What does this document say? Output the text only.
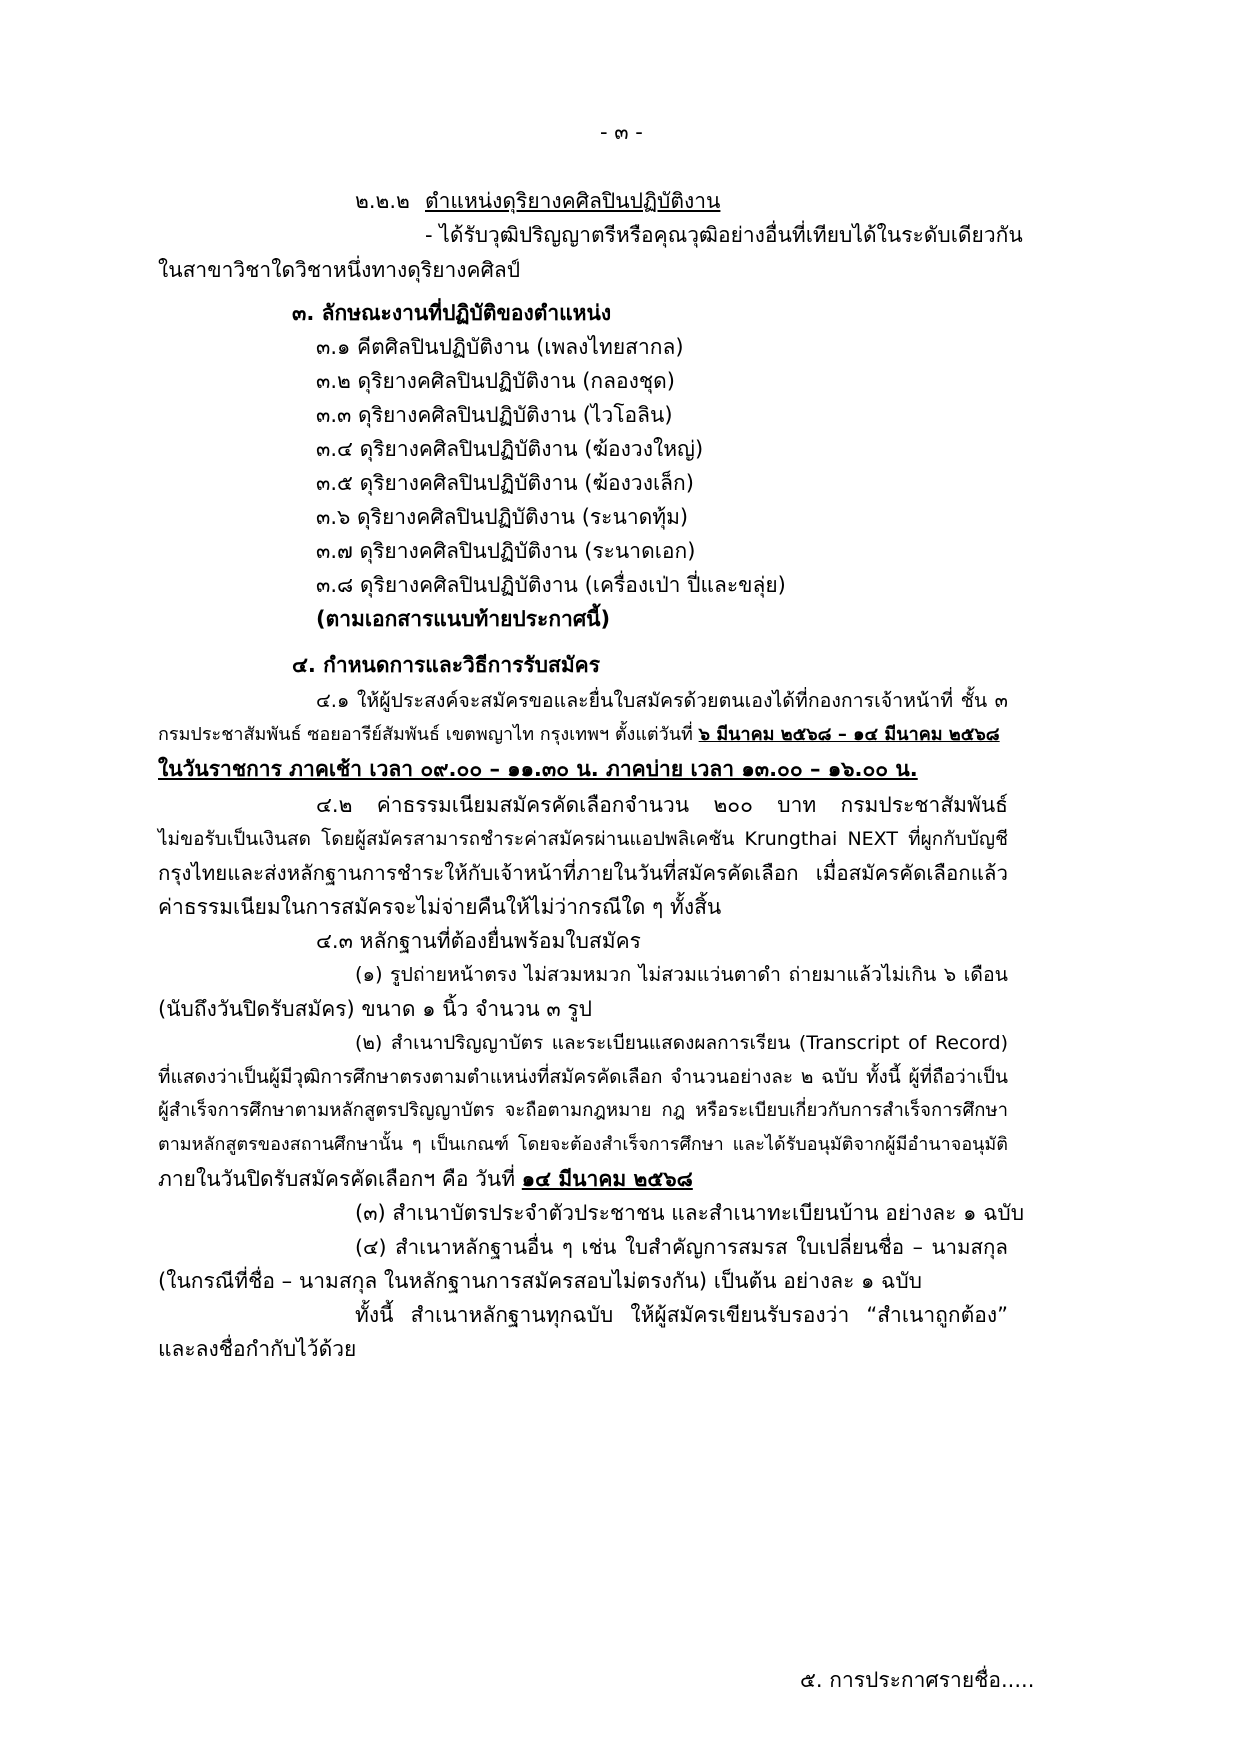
- ๓ -
๒.๒.๒ ตำแหน่งดุริยางคศิลปินปฏิบัติงาน
- ได้รับวุฒิปริญญาตรีหรือคุณวุฒิอย่างอื่นที่เทียบได้ในระดับเดียวกัน
ในสาขาวิชาใดวิชาหนึ่งทางดุริยางคศิลป์
๓. ลักษณะงานที่ปฏิบัติของตำแหน่ง
๓.๑ คีตศิลปินปฏิบัติงาน (เพลงไทยสากล)
๓.๒ ดุริยางคศิลปินปฏิบัติงาน (กลองชุด)
๓.๓ ดุริยางคศิลปินปฏิบัติงาน (ไวโอลิน)
๓.๔ ดุริยางคศิลปินปฏิบัติงาน (ฆ้องวงใหญ่)
๓.๕ ดุริยางคศิลปินปฏิบัติงาน (ฆ้องวงเล็ก)
๓.๖ ดุริยางคศิลปินปฏิบัติงาน (ระนาดทุ้ม)
๓.๗ ดุริยางคศิลปินปฏิบัติงาน (ระนาดเอก)
๓.๘ ดุริยางคศิลปินปฏิบัติงาน (เครื่องเป่า ปี่และขลุ่ย)
(ตามเอกสารแนบท้ายประกาศนี้)
๔. กำหนดการและวิธีการรับสมัคร
๔.๑ ให้ผู้ประสงค์จะสมัครขอและยื่นใบสมัครด้วยตนเองได้ที่กองการเจ้าหน้าที่ ชั้น ๓
กรมประชาสัมพันธ์ ซอยอารีย์สัมพันธ์ เขตพญาไท กรุงเทพฯ ตั้งแต่วันที่ ๖ มีนาคม ๒๕๖๘ – ๑๔ มีนาคม ๒๕๖๘
ในวันราชการ ภาคเช้า เวลา ๐๙.๐๐ – ๑๑.๓๐ น. ภาคบ่าย เวลา ๑๓.๐๐ – ๑๖.๐๐ น.
๔.๒ ค่าธรรมเนียมสมัครคัดเลือกจำนวน ๒๐๐ บาท กรมประชาสัมพันธ์
ไม่ขอรับเป็นเงินสด โดยผู้สมัครสามารถชำระค่าสมัครผ่านแอปพลิเคชัน Krungthai NEXT ที่ผูกกับบัญชี
กรุงไทยและส่งหลักฐานการชำระให้กับเจ้าหน้าที่ภายในวันที่สมัครคัดเลือก เมื่อสมัครคัดเลือกแล้ว
ค่าธรรมเนียมในการสมัครจะไม่จ่ายคืนให้ไม่ว่ากรณีใด ๆ ทั้งสิ้น
๔.๓ หลักฐานที่ต้องยื่นพร้อมใบสมัคร
(๑) รูปถ่ายหน้าตรง ไม่สวมหมวก ไม่สวมแว่นตาดำ ถ่ายมาแล้วไม่เกิน ๖ เดือน
(นับถึงวันปิดรับสมัคร) ขนาด ๑ นิ้ว จำนวน ๓ รูป
(๒) สำเนาปริญญาบัตร และระเบียนแสดงผลการเรียน (Transcript of Record)
ที่แสดงว่าเป็นผู้มีวุฒิการศึกษาตรงตามตำแหน่งที่สมัครคัดเลือก จำนวนอย่างละ ๒ ฉบับ ทั้งนี้ ผู้ที่ถือว่าเป็น
ผู้สำเร็จการศึกษาตามหลักสูตรปริญญาบัตร จะถือตามกฎหมาย กฎ หรือระเบียบเกี่ยวกับการสำเร็จการศึกษา
ตามหลักสูตรของสถานศึกษานั้น ๆ เป็นเกณฑ์ โดยจะต้องสำเร็จการศึกษา และได้รับอนุมัติจากผู้มีอำนาจอนุมัติ
ภายในวันปิดรับสมัครคัดเลือกฯ คือ วันที่ ๑๔ มีนาคม ๒๕๖๘
(๓) สำเนาบัตรประจำตัวประชาชน และสำเนาทะเบียนบ้าน อย่างละ ๑ ฉบับ
(๔) สำเนาหลักฐานอื่น ๆ เช่น ใบสำคัญการสมรส ใบเปลี่ยนชื่อ – นามสกุล
(ในกรณีที่ชื่อ – นามสกุล ในหลักฐานการสมัครสอบไม่ตรงกัน) เป็นต้น อย่างละ ๑ ฉบับ
ทั้งนี้ สำเนาหลักฐานทุกฉบับ ให้ผู้สมัครเขียนรับรองว่า “สำเนาถูกต้อง”
และลงชื่อกำกับไว้ด้วย
๕. การประกาศรายชื่อ.....
